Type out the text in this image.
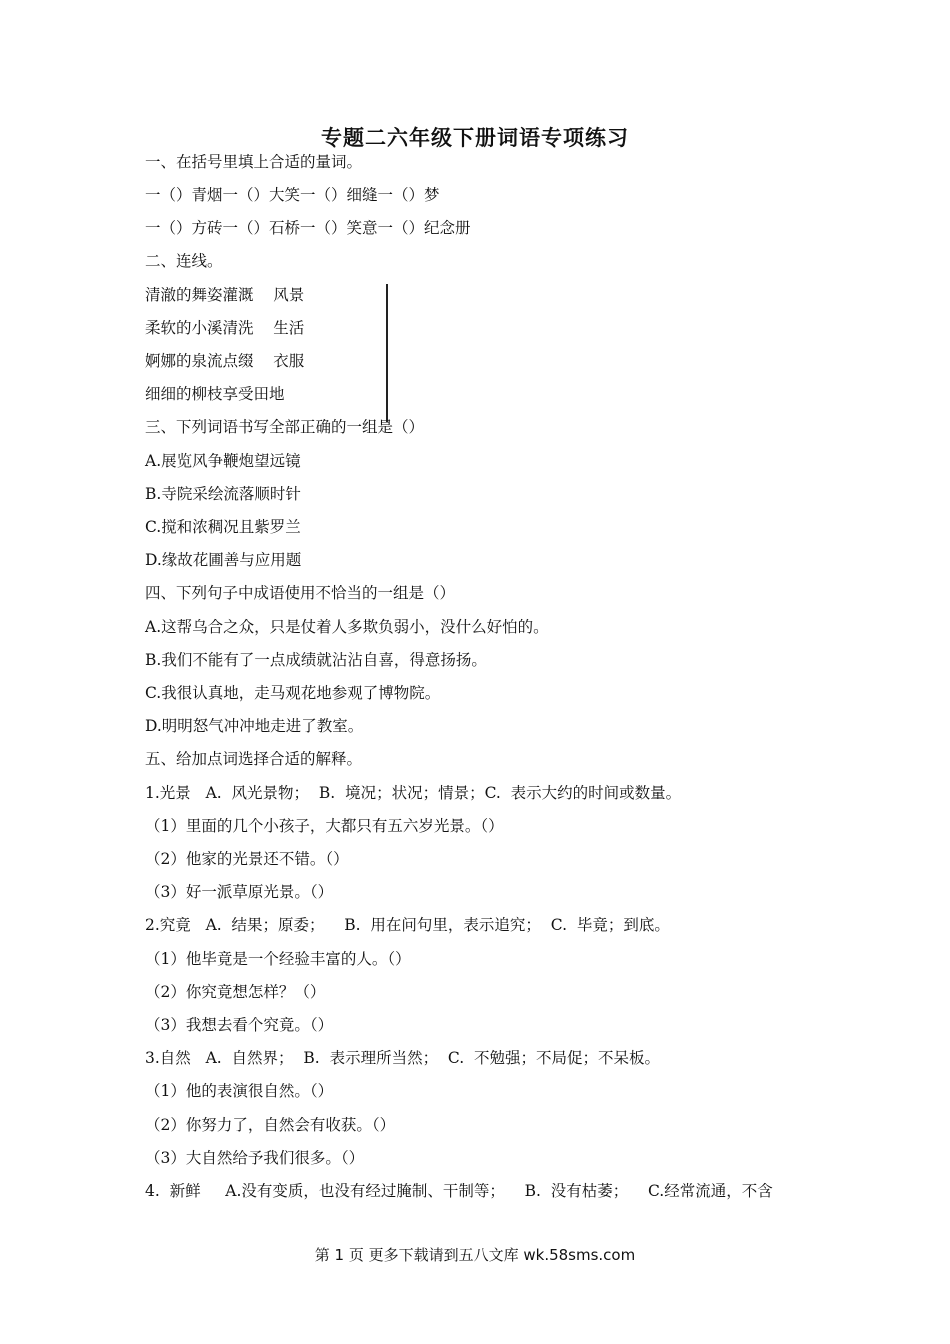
专题二六年级下册词语专项练习
一、在括号里填上合适的量词。
一（）青烟一（）大笑一（）细缝一（）梦
一（）方砖一（）石桥一（）笑意一（）纪念册
二、连线。
清澈的舞姿灌溉    风景
柔软的小溪清洗    生活
婀娜的泉流点缀    衣服
细细的柳枝享受田地
三、下列词语书写全部正确的一组是（）
A.展览风争鞭炮望远镜
B.寺院采绘流落顺时针
C.搅和浓稠况且紫罗兰
D.缘故花圃善与应用题
四、下列句子中成语使用不恰当的一组是（）
A.这帮乌合之众，只是仗着人多欺负弱小，没什么好怕的。
B.我们不能有了一点成绩就沾沾自喜，得意扬扬。
C.我很认真地，走马观花地参观了博物院。
D.明明怒气冲冲地走进了教室。
五、给加点词选择合适的解释。
1.光景   A.  风光景物；  B.  境况；状况；情景；C.  表示大约的时间或数量。
（1）里面的几个小孩子，大都只有五六岁光景。（）
（2）他家的光景还不错。（）
（3）好一派草原光景。（）
2.究竟   A.  结果；原委；    B.  用在问句里，表示追究；  C.  毕竟；到底。
（1）他毕竟是一个经验丰富的人。（）
（2）你究竟想怎样？（）
（3）我想去看个究竟。（）
3.自然   A.  自然界；  B.  表示理所当然；  C.  不勉强；不局促；不呆板。
（1）他的表演很自然。（）
（2）你努力了，自然会有收获。（）
（3）大自然给予我们很多。（）
4.  新鲜     A.没有变质，也没有经过腌制、干制等；    B.  没有枯萎；    C.经常流通，不含
第 1 页 更多下载请到五八文库 wk.58sms.com
